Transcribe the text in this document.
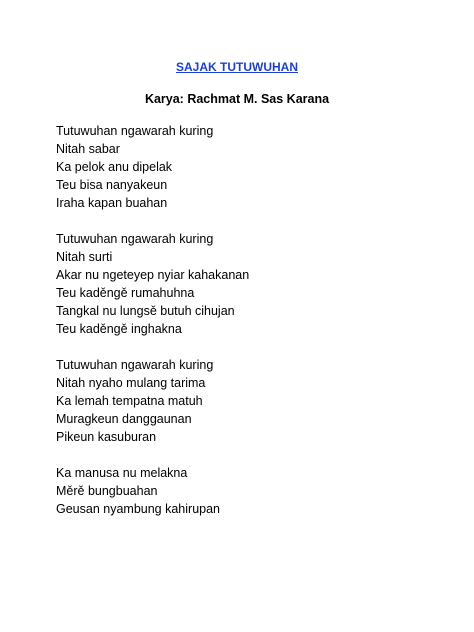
SAJAK TUTUWUHAN
Karya: Rachmat M. Sas Karana
Tutuwuhan ngawarah kuring
Nitah sabar
Ka pelok anu dipelak
Teu bisa nanyakeun
Iraha kapan buahan
Tutuwuhan ngawarah kuring
Nitah surti
Akar nu ngeteyep nyiar kahakanan
Teu kaděngě rumahuhna
Tangkal nu lungsě butuh cihujan
Teu kaděngě inghakna
Tutuwuhan ngawarah kuring
Nitah nyaho mulang tarima
Ka lemah tempatna matuh
Muragkeun danggaunan
Pikeun kasuburan
Ka manusa nu melakna
Měrě bungbuahan
Geusan nyambung kahirupan
